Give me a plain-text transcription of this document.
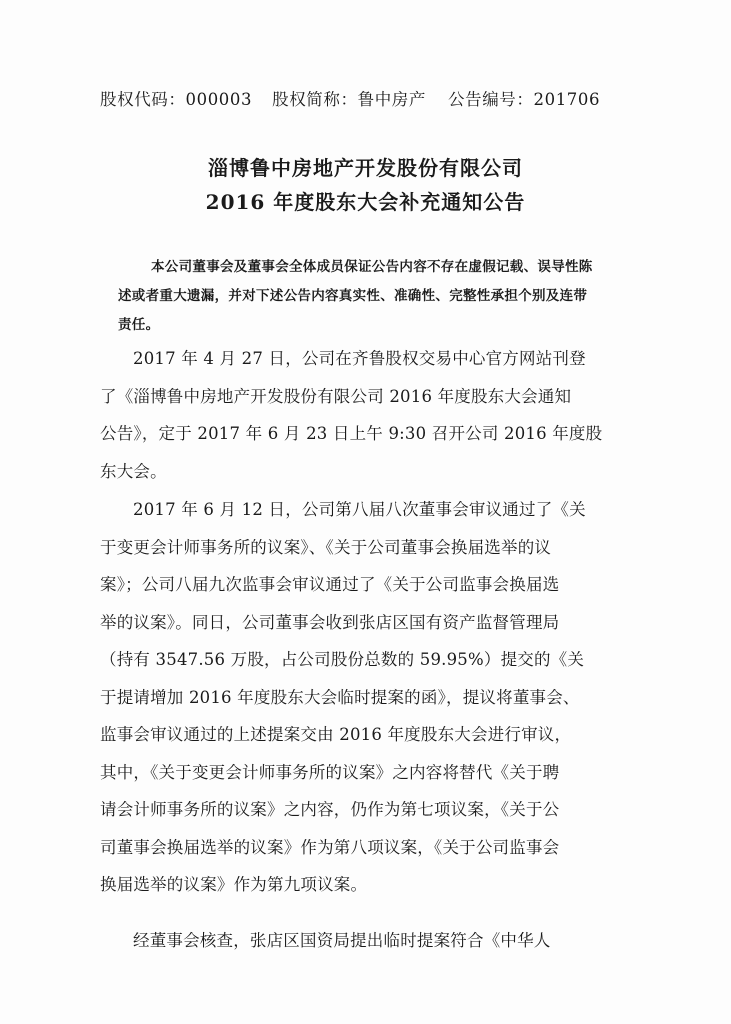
股权代码：000003 股权简称：鲁中房产 公告编号：201706
淄博鲁中房地产开发股份有限公司
2016 年度股东大会补充通知公告
本公司董事会及董事会全体成员保证公告内容不存在虚假记载、误导性陈
述或者重大遗漏，并对下述公告内容真实性、准确性、完整性承担个别及连带
责任。
2017 年 4 月 27 日，公司在齐鲁股权交易中心官方网站刊登
了《淄博鲁中房地产开发股份有限公司 2016 年度股东大会通知
公告》，定于 2017 年 6 月 23 日上午 9:30 召开公司 2016 年度股
东大会。
2017 年 6 月 12 日，公司第八届八次董事会审议通过了《关
于变更会计师事务所的议案》、《关于公司董事会换届选举的议
案》；公司八届九次监事会审议通过了《关于公司监事会换届选
举的议案》。同日，公司董事会收到张店区国有资产监督管理局
（持有 3547.56 万股，占公司股份总数的 59.95%）提交的《关
于提请增加 2016 年度股东大会临时提案的函》，提议将董事会、
监事会审议通过的上述提案交由 2016 年度股东大会进行审议，
其中，《关于变更会计师事务所的议案》之内容将替代《关于聘
请会计师事务所的议案》之内容，仍作为第七项议案，《关于公
司董事会换届选举的议案》作为第八项议案，《关于公司监事会
换届选举的议案》作为第九项议案。
经董事会核查，张店区国资局提出临时提案符合《中华人
